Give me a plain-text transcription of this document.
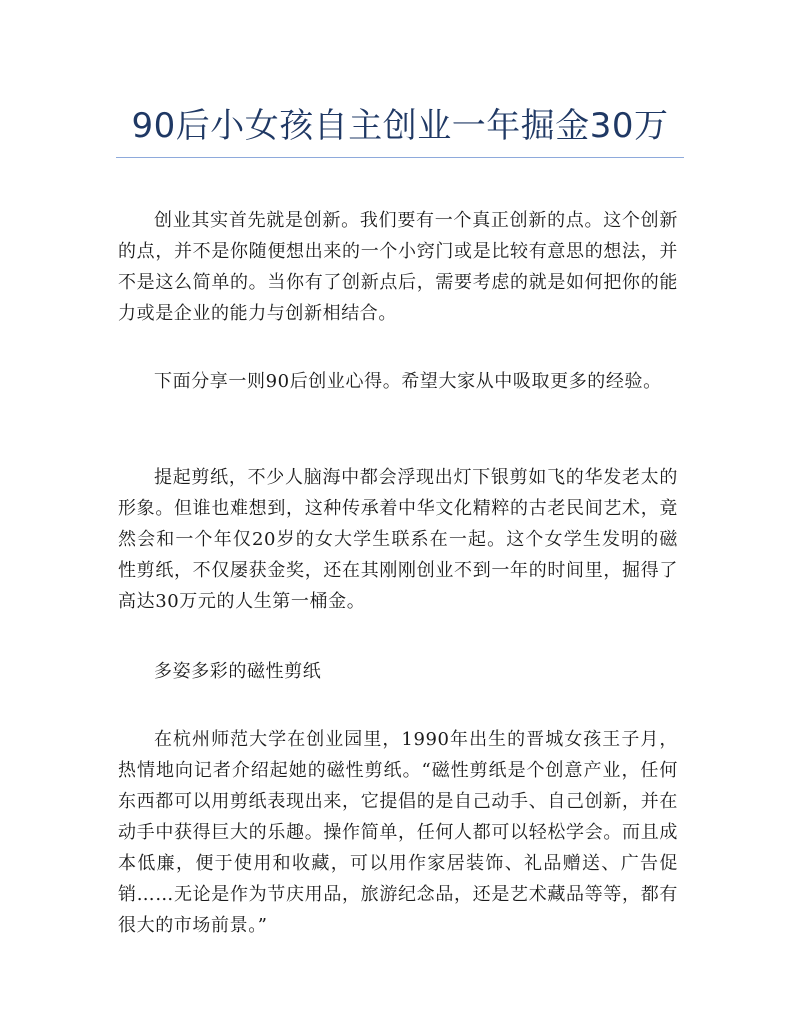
90后小女孩自主创业一年掘金30万

创业其实首先就是创新。我们要有一个真正创新的点。这个创新的点，并不是你随便想出来的一个小窍门或是比较有意思的想法，并不是这么简单的。当你有了创新点后，需要考虑的就是如何把你的能力或是企业的能力与创新相结合。

下面分享一则90后创业心得。希望大家从中吸取更多的经验。

提起剪纸，不少人脑海中都会浮现出灯下银剪如飞的华发老太的形象。但谁也难想到，这种传承着中华文化精粹的古老民间艺术，竟然会和一个年仅20岁的女大学生联系在一起。这个女学生发明的磁性剪纸，不仅屡获金奖，还在其刚刚创业不到一年的时间里，掘得了高达30万元的人生第一桶金。

多姿多彩的磁性剪纸

在杭州师范大学在创业园里，1990年出生的晋城女孩王子月，热情地向记者介绍起她的磁性剪纸。“磁性剪纸是个创意产业，任何东西都可以用剪纸表现出来，它提倡的是自己动手、自己创新，并在动手中获得巨大的乐趣。操作简单，任何人都可以轻松学会。而且成本低廉，便于使用和收藏，可以用作家居装饰、礼品赠送、广告促销……无论是作为节庆用品，旅游纪念品，还是艺术藏品等等，都有很大的市场前景。”
